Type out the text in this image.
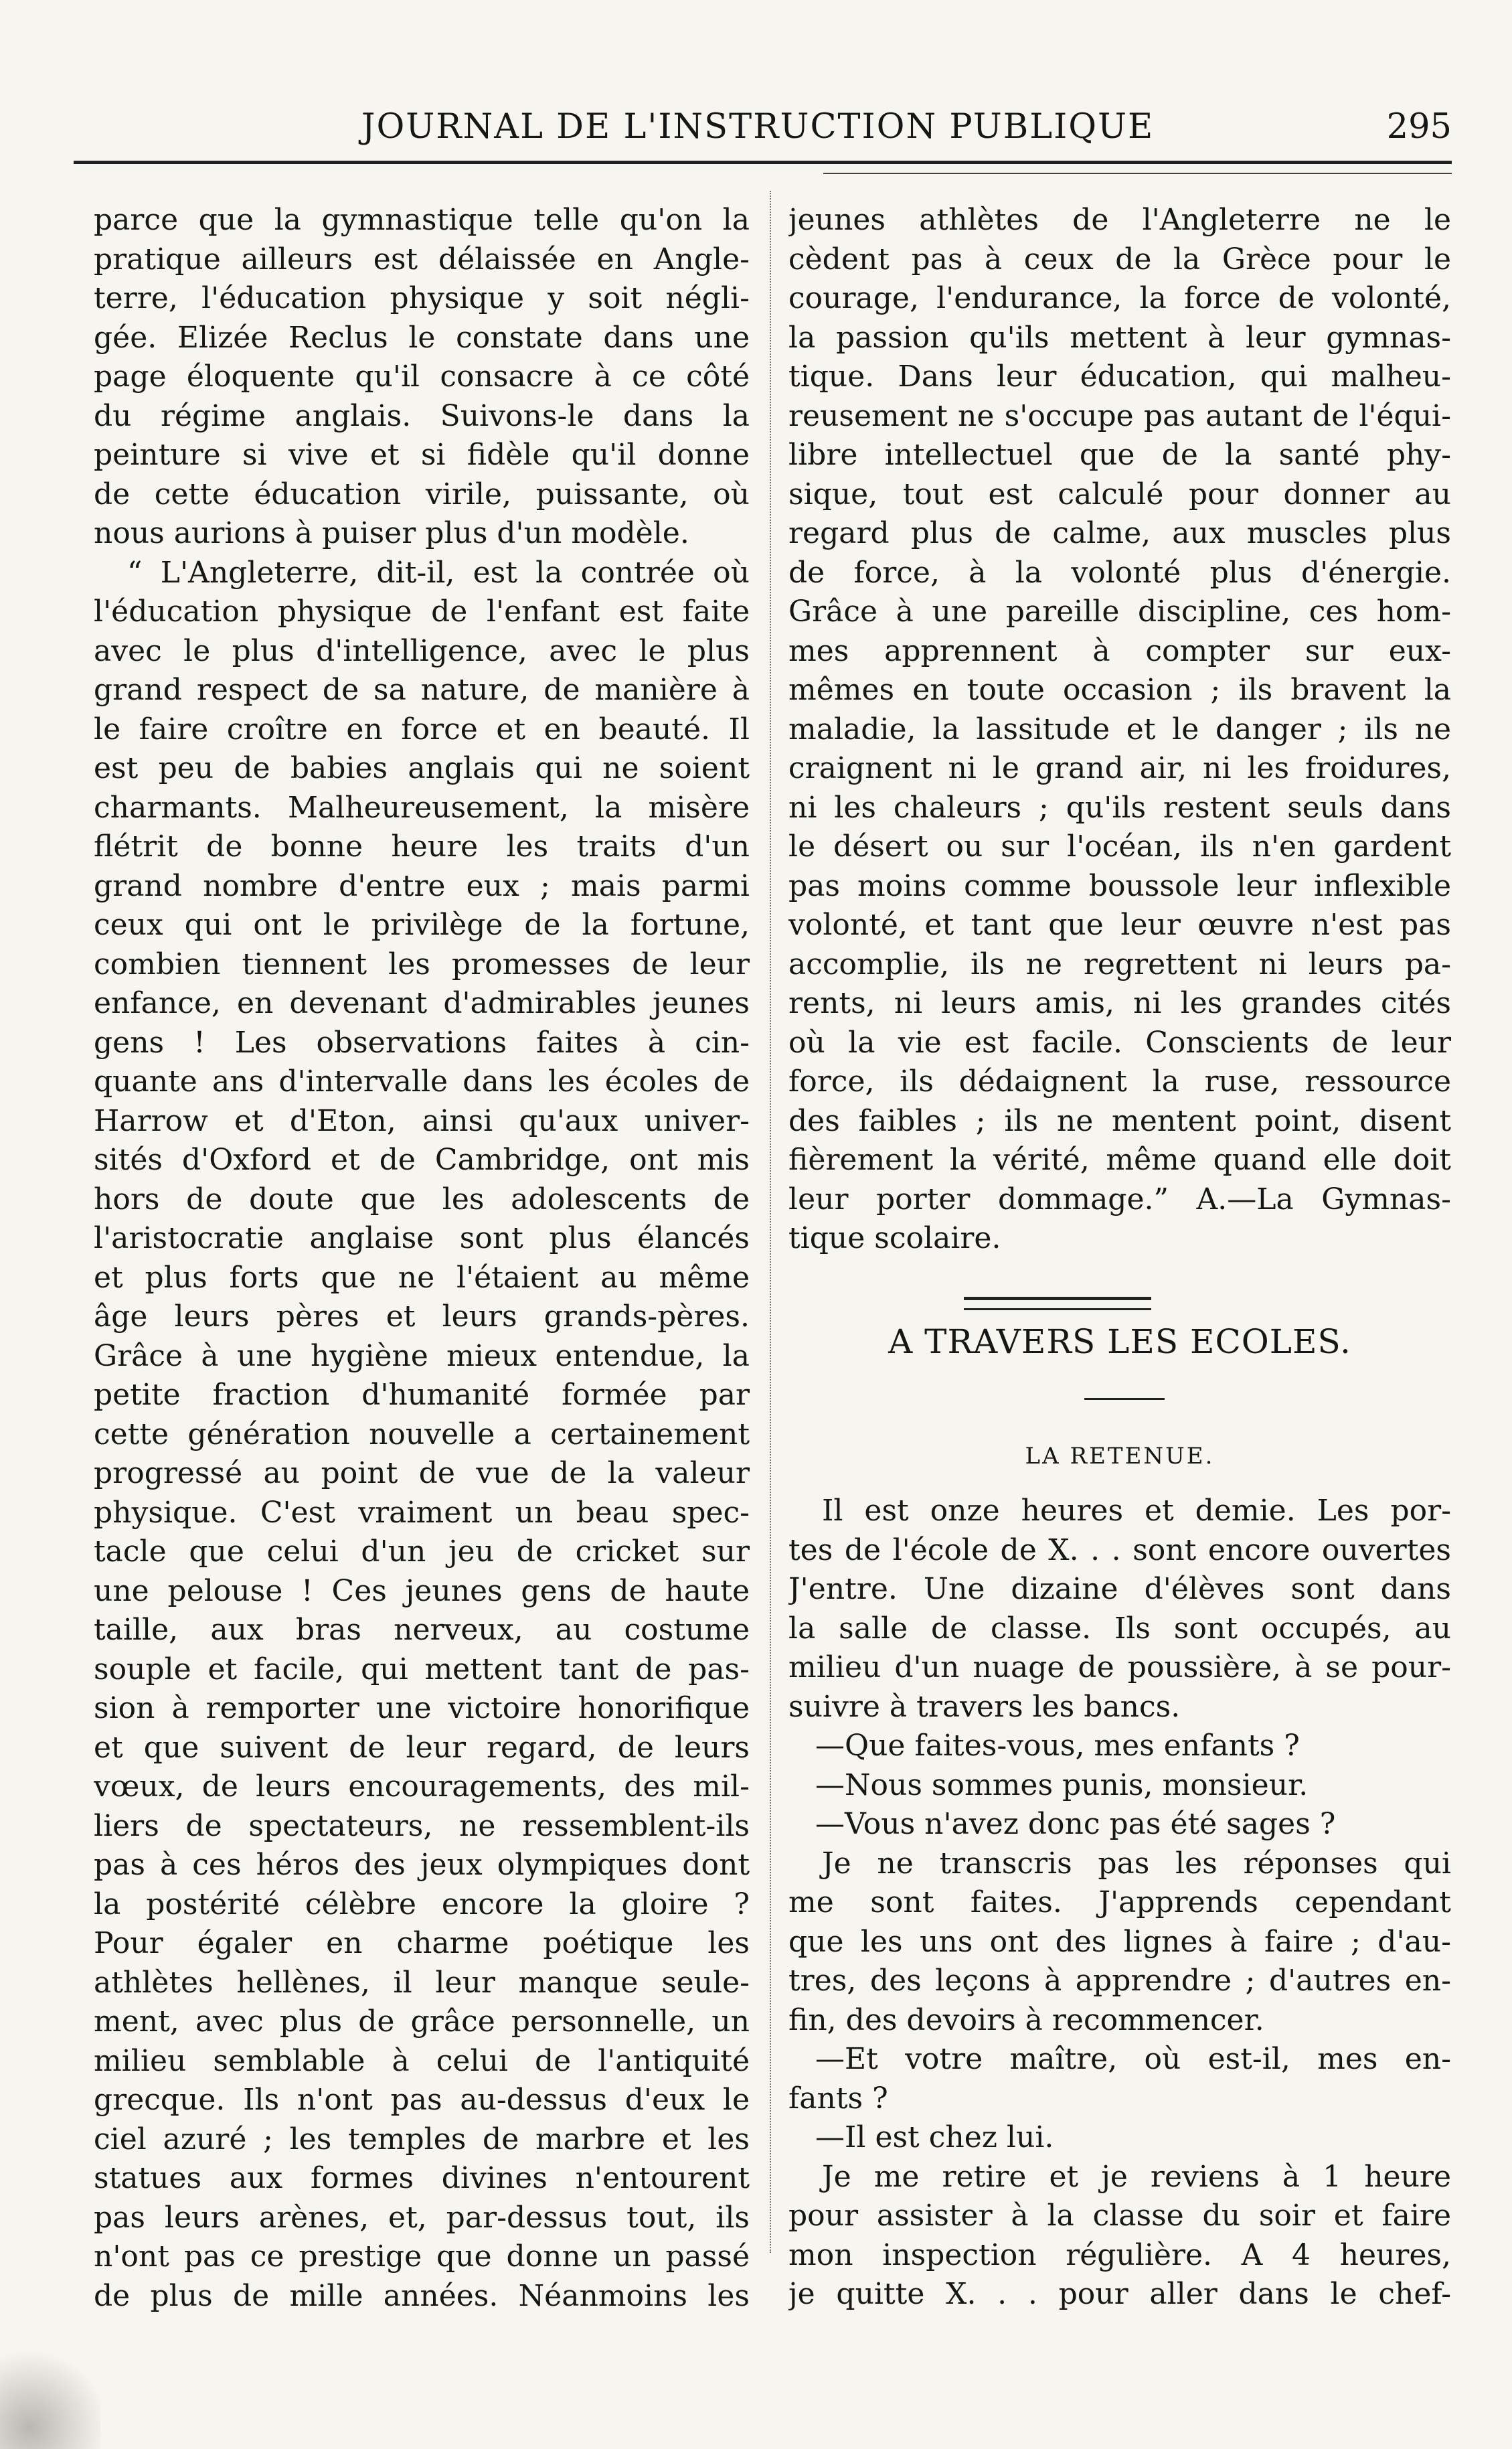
JOURNAL DE L'INSTRUCTION PUBLIQUE	295
parce que la gymnastique telle qu'on la
pratique ailleurs est délaissée en Angle-
terre, l'éducation physique y soit négli-
gée. Elizée Reclus le constate dans une
page éloquente qu'il consacre à ce côté
du régime anglais. Suivons-le dans la
peinture si vive et si fidèle qu'il donne
de cette éducation virile, puissante, où
nous aurions à puiser plus d'un modèle.
“ L'Angleterre, dit-il, est la contrée où
l'éducation physique de l'enfant est faite
avec le plus d'intelligence, avec le plus
grand respect de sa nature, de manière à
le faire croître en force et en beauté. Il
est peu de babies anglais qui ne soient
charmants. Malheureusement, la misère
flétrit de bonne heure les traits d'un
grand nombre d'entre eux ; mais parmi
ceux qui ont le privilège de la fortune,
combien tiennent les promesses de leur
enfance, en devenant d'admirables jeunes
gens ! Les observations faites à cin-
quante ans d'intervalle dans les écoles de
Harrow et d'Eton, ainsi qu'aux univer-
sités d'Oxford et de Cambridge, ont mis
hors de doute que les adolescents de
l'aristocratie anglaise sont plus élancés
et plus forts que ne l'étaient au même
âge leurs pères et leurs grands-pères.
Grâce à une hygiène mieux entendue, la
petite fraction d'humanité formée par
cette génération nouvelle a certainement
progressé au point de vue de la valeur
physique. C'est vraiment un beau spec-
tacle que celui d'un jeu de cricket sur
une pelouse ! Ces jeunes gens de haute
taille, aux bras nerveux, au costume
souple et facile, qui mettent tant de pas-
sion à remporter une victoire honorifique
et que suivent de leur regard, de leurs
vœux, de leurs encouragements, des mil-
liers de spectateurs, ne ressemblent-ils
pas à ces héros des jeux olympiques dont
la postérité célèbre encore la gloire ?
Pour égaler en charme poétique les
athlètes hellènes, il leur manque seule-
ment, avec plus de grâce personnelle, un
milieu semblable à celui de l'antiquité
grecque. Ils n'ont pas au-dessus d'eux le
ciel azuré ; les temples de marbre et les
statues aux formes divines n'entourent
pas leurs arènes, et, par-dessus tout, ils
n'ont pas ce prestige que donne un passé
de plus de mille années. Néanmoins les
jeunes athlètes de l'Angleterre ne le
cèdent pas à ceux de la Grèce pour le
courage, l'endurance, la force de volonté,
la passion qu'ils mettent à leur gymnas-
tique. Dans leur éducation, qui malheu-
reusement ne s'occupe pas autant de l'équi-
libre intellectuel que de la santé phy-
sique, tout est calculé pour donner au
regard plus de calme, aux muscles plus
de force, à la volonté plus d'énergie.
Grâce à une pareille discipline, ces hom-
mes apprennent à compter sur eux-
mêmes en toute occasion ; ils bravent la
maladie, la lassitude et le danger ; ils ne
craignent ni le grand air, ni les froidures,
ni les chaleurs ; qu'ils restent seuls dans
le désert ou sur l'océan, ils n'en gardent
pas moins comme boussole leur inflexible
volonté, et tant que leur œuvre n'est pas
accomplie, ils ne regrettent ni leurs pa-
rents, ni leurs amis, ni les grandes cités
où la vie est facile. Conscients de leur
force, ils dédaignent la ruse, ressource
des faibles ; ils ne mentent point, disent
fièrement la vérité, même quand elle doit
leur porter dommage.” A.—La Gymnas-
tique scolaire.
A TRAVERS LES ECOLES.
LA RETENUE.
Il est onze heures et demie. Les por-
tes de l'école de X. . . sont encore ouvertes
J'entre. Une dizaine d'élèves sont dans
la salle de classe. Ils sont occupés, au
milieu d'un nuage de poussière, à se pour-
suivre à travers les bancs.
—Que faites-vous, mes enfants ?
—Nous sommes punis, monsieur.
—Vous n'avez donc pas été sages ?
Je ne transcris pas les réponses qui
me sont faites. J'apprends cependant
que les uns ont des lignes à faire ; d'au-
tres, des leçons à apprendre ; d'autres en-
fin, des devoirs à recommencer.
—Et votre maître, où est-il, mes en-
fants ?
—Il est chez lui.
Je me retire et je reviens à 1 heure
pour assister à la classe du soir et faire
mon inspection régulière. A 4 heures,
je quitte X. . . pour aller dans le chef-
